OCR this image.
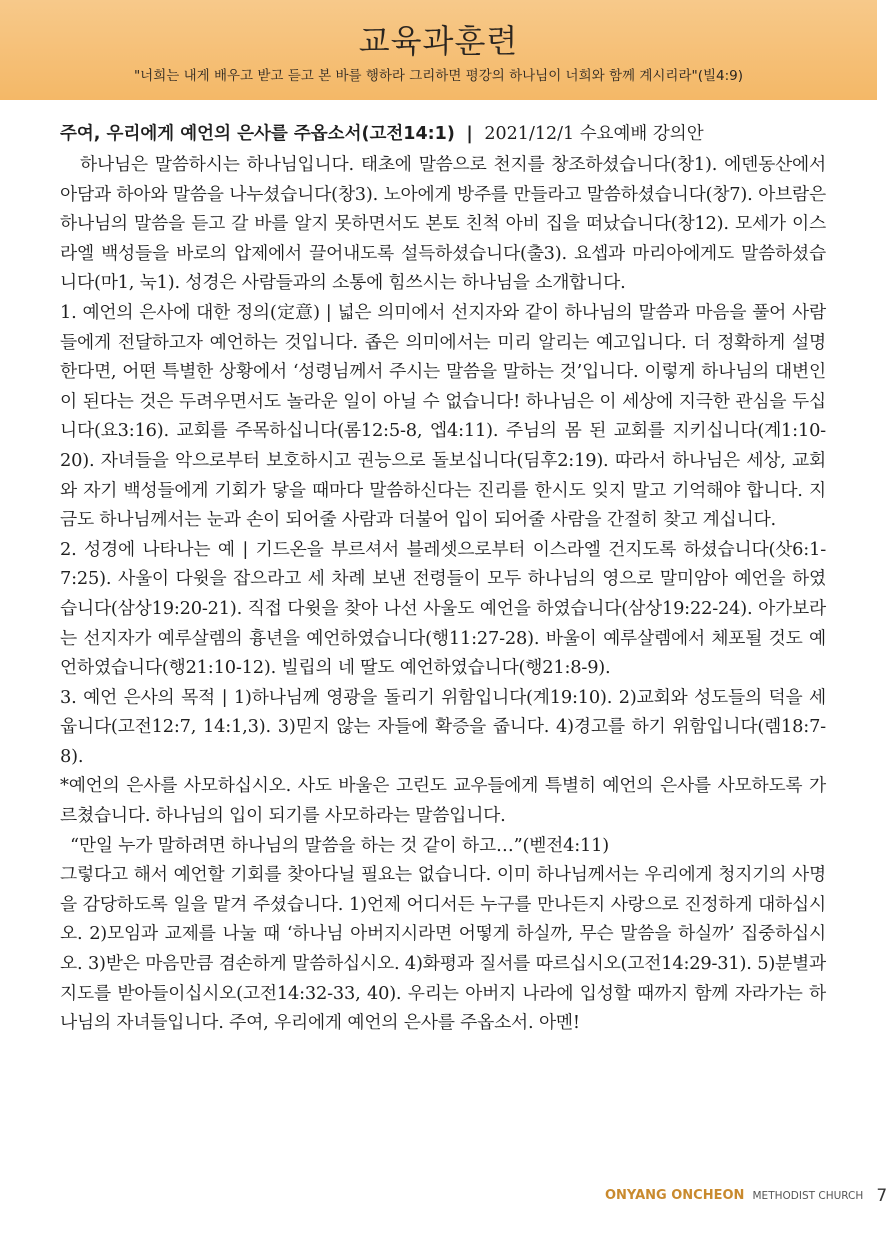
교육과훈련
"너희는 내게 배우고 받고 듣고 본 바를 행하라 그리하면 평강의 하나님이 너희와 함께 계시리라"(빌4:9)
주여, 우리에게 예언의 은사를 주옵소서(고전14:1) | 2021/12/1 수요예배 강의안

하나님은 말씀하시는 하나님입니다. 태초에 말씀으로 천지를 창조하셨습니다(창1). 에덴동산에서 아담과 하아와 말씀을 나누셨습니다(창3). 노아에게 방주를 만들라고 말씀하셨습니다(창7). 아브람은 하나님의 말씀을 듣고 갈 바를 알지 못하면서도 본토 친척 아비 집을 떠났습니다(창12). 모세가 이스라엘 백성들을 바로의 압제에서 끌어내도록 설득하셨습니다(출3). 요셉과 마리아에게도 말씀하셨습니다(마1, 눅1). 성경은 사람들과의 소통에 힘쓰시는 하나님을 소개합니다.

1. 예언의 은사에 대한 정의(定意) | 넓은 의미에서 선지자와 같이 하나님의 말씀과 마음을 풀어 사람들에게 전달하고자 예언하는 것입니다. 좁은 의미에서는 미리 알리는 예고입니다. 더 정확하게 설명한다면, 어떤 특별한 상황에서 ‘성령님께서 주시는 말씀을 말하는 것’입니다. 이렇게 하나님의 대변인이 된다는 것은 두려우면서도 놀라운 일이 아닐 수 없습니다! 하나님은 이 세상에 지극한 관심을 두십니다(요3:16). 교회를 주목하십니다(롬12:5-8, 엡4:11). 주님의 몸 된 교회를 지키십니다(계1:10-20). 자녀들을 악으로부터 보호하시고 권능으로 돌보십니다(딤후2:19). 따라서 하나님은 세상, 교회와 자기 백성들에게 기회가 닿을 때마다 말씀하신다는 진리를 한시도 잊지 말고 기억해야 합니다. 지금도 하나님께서는 눈과 손이 되어줄 사람과 더불어 입이 되어줄 사람을 간절히 찾고 계십니다.

2. 성경에 나타나는 예 | 기드온을 부르셔서 블레셋으로부터 이스라엘 건지도록 하셨습니다(삿6:1-7:25). 사울이 다윗을 잡으라고 세 차례 보낸 전령들이 모두 하나님의 영으로 말미암아 예언을 하였습니다(삼상19:20-21). 직접 다윗을 찾아 나선 사울도 예언을 하였습니다(삼상19:22-24). 아가보라는 선지자가 예루살렘의 흉년을 예언하였습니다(행11:27-28). 바울이 예루살렘에서 체포될 것도 예언하였습니다(행21:10-12). 빌립의 네 딸도 예언하였습니다(행21:8-9).

3. 예언 은사의 목적 | 1)하나님께 영광을 돌리기 위함입니다(계19:10). 2)교회와 성도들의 덕을 세웁니다(고전12:7, 14:1,3). 3)믿지 않는 자들에 확증을 줍니다. 4)경고를 하기 위함입니다(렘18:7-8).

*예언의 은사를 사모하십시오. 사도 바울은 고린도 교우들에게 특별히 예언의 은사를 사모하도록 가르쳤습니다. 하나님의 입이 되기를 사모하라는 말씀입니다.

“만일 누가 말하려면 하나님의 말씀을 하는 것 같이 하고…”(벧전4:11)

그렇다고 해서 예언할 기회를 찾아다닐 필요는 없습니다. 이미 하나님께서는 우리에게 청지기의 사명을 감당하도록 일을 맡겨 주셨습니다. 1)언제 어디서든 누구를 만나든지 사랑으로 진정하게 대하십시오. 2)모임과 교제를 나눌 때 ‘하나님 아버지시라면 어떻게 하실까, 무슨 말씀을 하실까’ 집중하십시오. 3)받은 마음만큼 겸손하게 말씀하십시오. 4)화평과 질서를 따르십시오(고전14:29-31). 5)분별과 지도를 받아들이십시오(고전14:32-33, 40). 우리는 아버지 나라에 입성할 때까지 함께 자라가는 하나님의 자녀들입니다. 주여, 우리에게 예언의 은사를 주옵소서. 아멘!

ONYANG ONCHEON METHODIST CHURCH 7
